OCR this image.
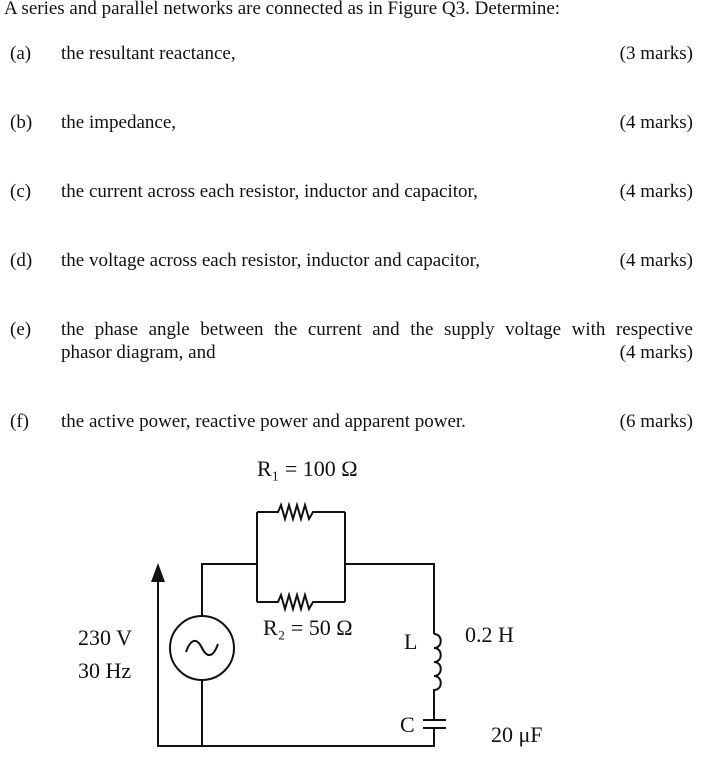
A series and parallel networks are connected as in Figure Q3. Determine:
(a) the resultant reactance,	(3 marks)
(b) the impedance,	(4 marks)
(c) the current across each resistor, inductor and capacitor,	(4 marks)
(d) the voltage across each resistor, inductor and capacitor,	(4 marks)
(e) the phase angle between the current and the supply voltage with respective
phasor diagram, and	(4 marks)
(f) the active power, reactive power and apparent power.	(6 marks)
R₁ = 100 Ω
R₂ = 50 Ω
230 V
30 Hz
L 0.2 H
C	20 μF
